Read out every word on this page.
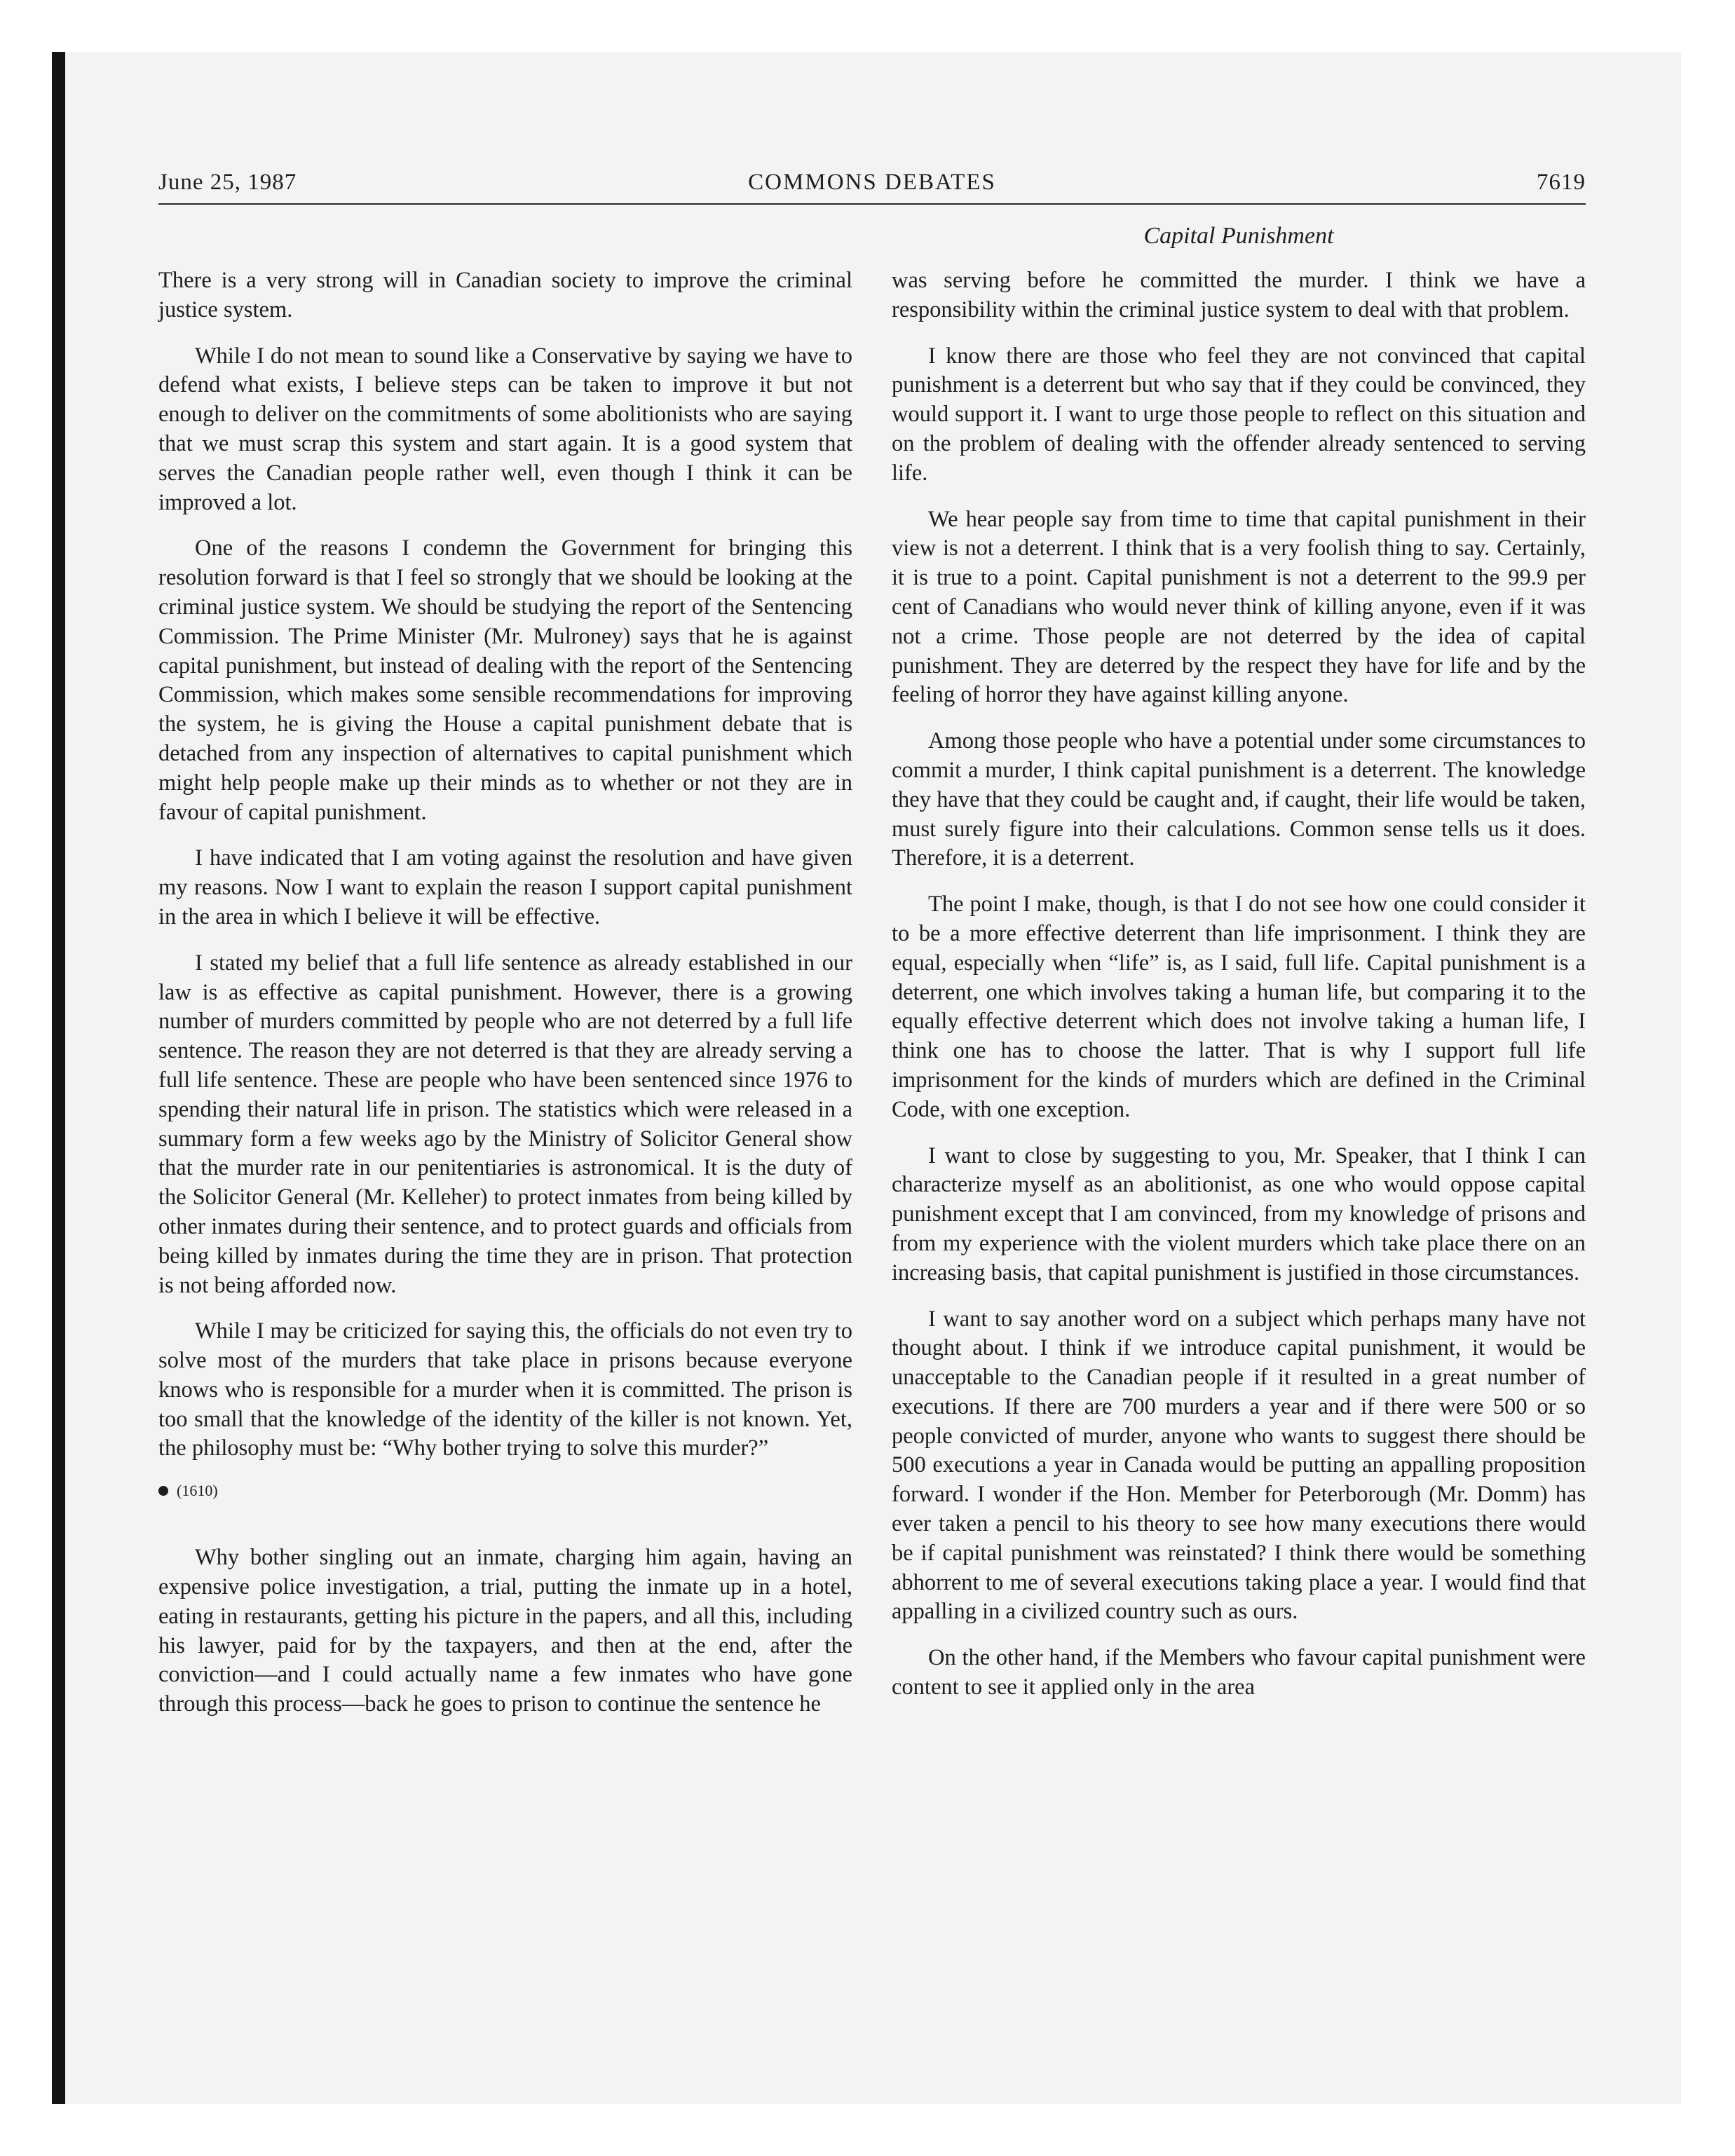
June 25, 1987	COMMONS DEBATES	7619
Capital Punishment

There is a very strong will in Canadian society to improve the criminal justice system.

While I do not mean to sound like a Conservative by saying we have to defend what exists, I believe steps can be taken to improve it but not enough to deliver on the commitments of some abolitionists who are saying that we must scrap this system and start again. It is a good system that serves the Canadian people rather well, even though I think it can be improved a lot.

One of the reasons I condemn the Government for bringing this resolution forward is that I feel so strongly that we should be looking at the criminal justice system. We should be studying the report of the Sentencing Commission. The Prime Minister (Mr. Mulroney) says that he is against capital punishment, but instead of dealing with the report of the Sentencing Commission, which makes some sensible recommendations for improving the system, he is giving the House a capital punishment debate that is detached from any inspection of alternatives to capital punishment which might help people make up their minds as to whether or not they are in favour of capital punishment.

I have indicated that I am voting against the resolution and have given my reasons. Now I want to explain the reason I support capital punishment in the area in which I believe it will be effective.

I stated my belief that a full life sentence as already established in our law is as effective as capital punishment. However, there is a growing number of murders committed by people who are not deterred by a full life sentence. The reason they are not deterred is that they are already serving a full life sentence. These are people who have been sentenced since 1976 to spending their natural life in prison. The statistics which were released in a summary form a few weeks ago by the Ministry of Solicitor General show that the murder rate in our penitentiaries is astronomical. It is the duty of the Solicitor General (Mr. Kelleher) to protect inmates from being killed by other inmates during their sentence, and to protect guards and officials from being killed by inmates during the time they are in prison. That protection is not being afforded now.

While I may be criticized for saying this, the officials do not even try to solve most of the murders that take place in prisons because everyone knows who is responsible for a murder when it is committed. The prison is too small that the knowledge of the identity of the killer is not known. Yet, the philosophy must be: “Why bother trying to solve this murder?”

(1610)

Why bother singling out an inmate, charging him again, having an expensive police investigation, a trial, putting the inmate up in a hotel, eating in restaurants, getting his picture in the papers, and all this, including his lawyer, paid for by the taxpayers, and then at the end, after the conviction—and I could actually name a few inmates who have gone through this process—back he goes to prison to continue the sentence he

was serving before he committed the murder. I think we have a responsibility within the criminal justice system to deal with that problem.

I know there are those who feel they are not convinced that capital punishment is a deterrent but who say that if they could be convinced, they would support it. I want to urge those people to reflect on this situation and on the problem of dealing with the offender already sentenced to serving life.

We hear people say from time to time that capital punishment in their view is not a deterrent. I think that is a very foolish thing to say. Certainly, it is true to a point. Capital punishment is not a deterrent to the 99.9 per cent of Canadians who would never think of killing anyone, even if it was not a crime. Those people are not deterred by the idea of capital punishment. They are deterred by the respect they have for life and by the feeling of horror they have against killing anyone.

Among those people who have a potential under some circumstances to commit a murder, I think capital punishment is a deterrent. The knowledge they have that they could be caught and, if caught, their life would be taken, must surely figure into their calculations. Common sense tells us it does. Therefore, it is a deterrent.

The point I make, though, is that I do not see how one could consider it to be a more effective deterrent than life imprisonment. I think they are equal, especially when “life” is, as I said, full life. Capital punishment is a deterrent, one which involves taking a human life, but comparing it to the equally effective deterrent which does not involve taking a human life, I think one has to choose the latter. That is why I support full life imprisonment for the kinds of murders which are defined in the Criminal Code, with one exception.

I want to close by suggesting to you, Mr. Speaker, that I think I can characterize myself as an abolitionist, as one who would oppose capital punishment except that I am convinced, from my knowledge of prisons and from my experience with the violent murders which take place there on an increasing basis, that capital punishment is justified in those circumstances.

I want to say another word on a subject which perhaps many have not thought about. I think if we introduce capital punishment, it would be unacceptable to the Canadian people if it resulted in a great number of executions. If there are 700 murders a year and if there were 500 or so people convicted of murder, anyone who wants to suggest there should be 500 executions a year in Canada would be putting an appalling proposition forward. I wonder if the Hon. Member for Peterborough (Mr. Domm) has ever taken a pencil to his theory to see how many executions there would be if capital punishment was reinstated? I think there would be something abhorrent to me of several executions taking place a year. I would find that appalling in a civilized country such as ours.

On the other hand, if the Members who favour capital punishment were content to see it applied only in the area
